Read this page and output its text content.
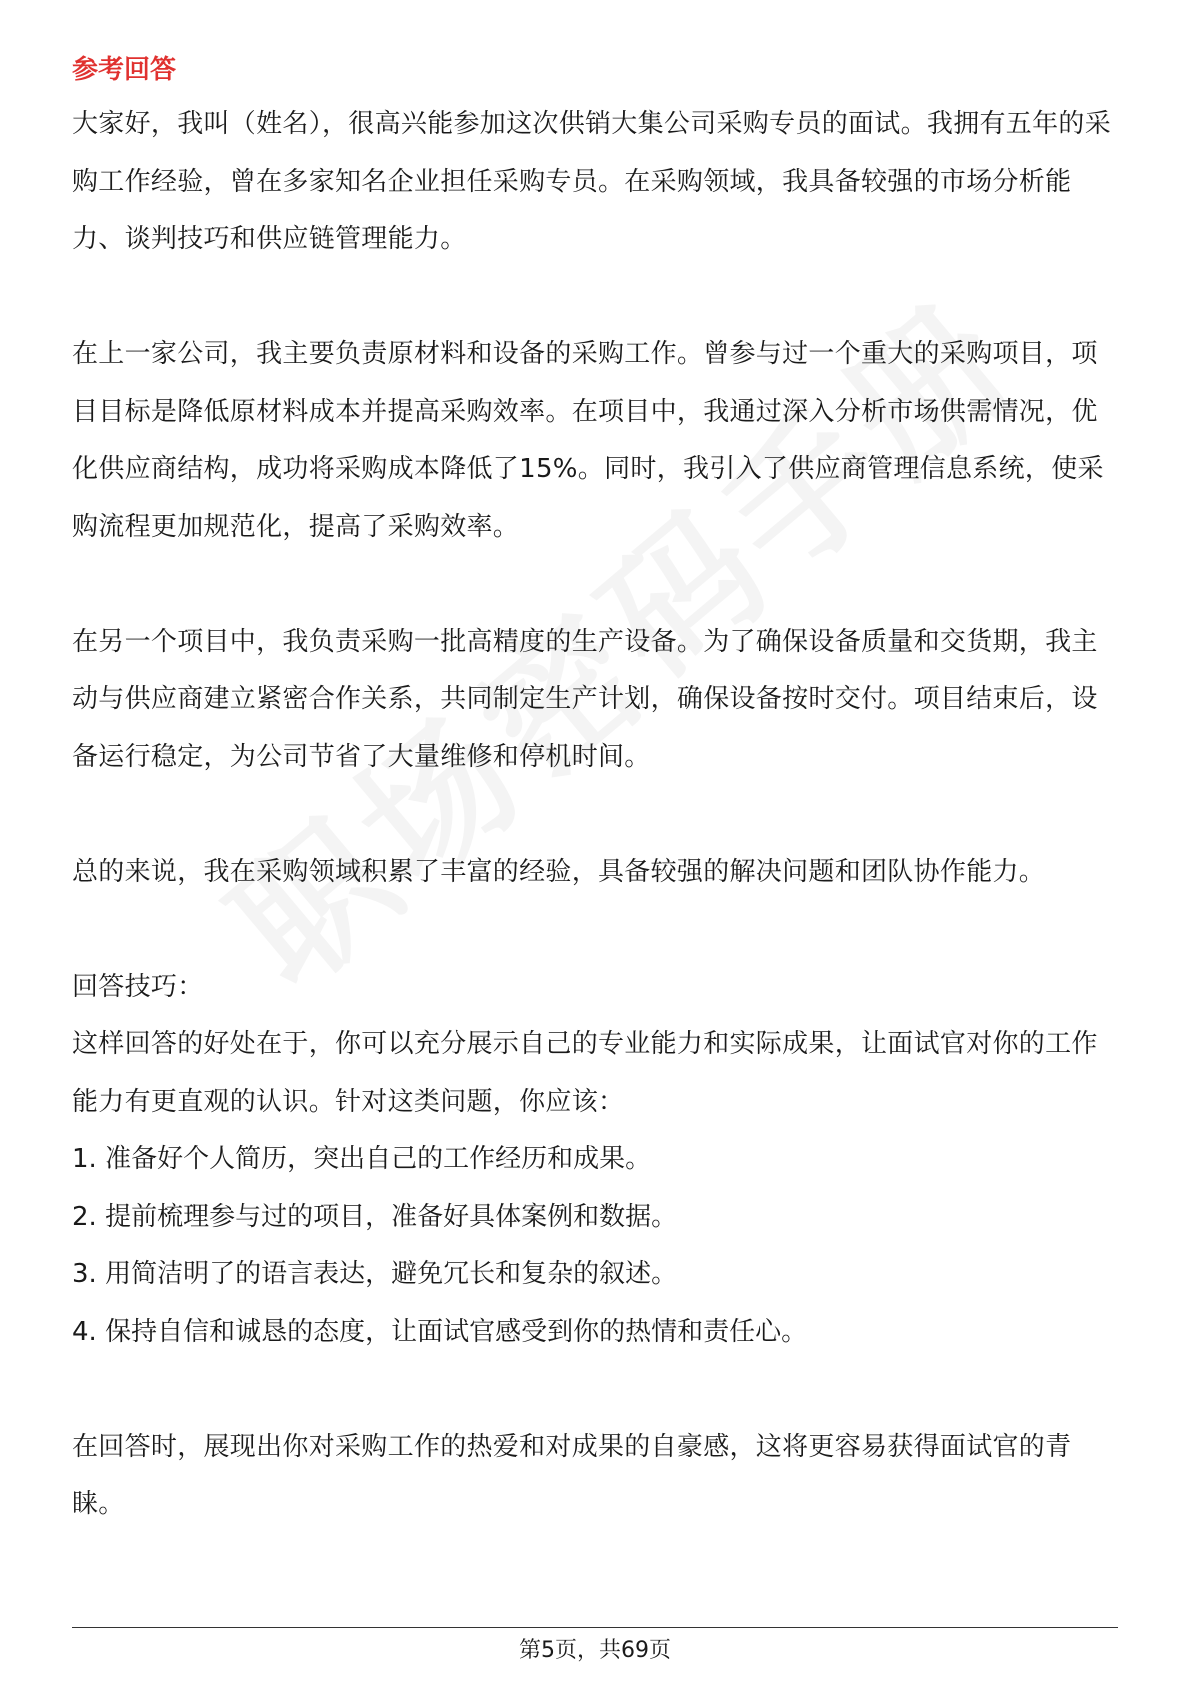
参考回答

大家好，我叫（姓名），很高兴能参加这次供销大集公司采购专员的面试。我拥有五年的采购工作经验，曾在多家知名企业担任采购专员。在采购领域，我具备较强的市场分析能力、谈判技巧和供应链管理能力。

在上一家公司，我主要负责原材料和设备的采购工作。曾参与过一个重大的采购项目，项目目标是降低原材料成本并提高采购效率。在项目中，我通过深入分析市场供需情况，优化供应商结构，成功将采购成本降低了15%。同时，我引入了供应商管理信息系统，使采购流程更加规范化，提高了采购效率。

在另一个项目中，我负责采购一批高精度的生产设备。为了确保设备质量和交货期，我主动与供应商建立紧密合作关系，共同制定生产计划，确保设备按时交付。项目结束后，设备运行稳定，为公司节省了大量维修和停机时间。

总的来说，我在采购领域积累了丰富的经验，具备较强的解决问题和团队协作能力。

回答技巧：

这样回答的好处在于，你可以充分展示自己的专业能力和实际成果，让面试官对你的工作能力有更直观的认识。针对这类问题，你应该：

1. 准备好个人简历，突出自己的工作经历和成果。

2. 提前梳理参与过的项目，准备好具体案例和数据。

3. 用简洁明了的语言表达，避免冗长和复杂的叙述。

4. 保持自信和诚恳的态度，让面试官感受到你的热情和责任心。

在回答时，展现出你对采购工作的热爱和对成果的自豪感，这将更容易获得面试官的青睐。

第5页，共69页
